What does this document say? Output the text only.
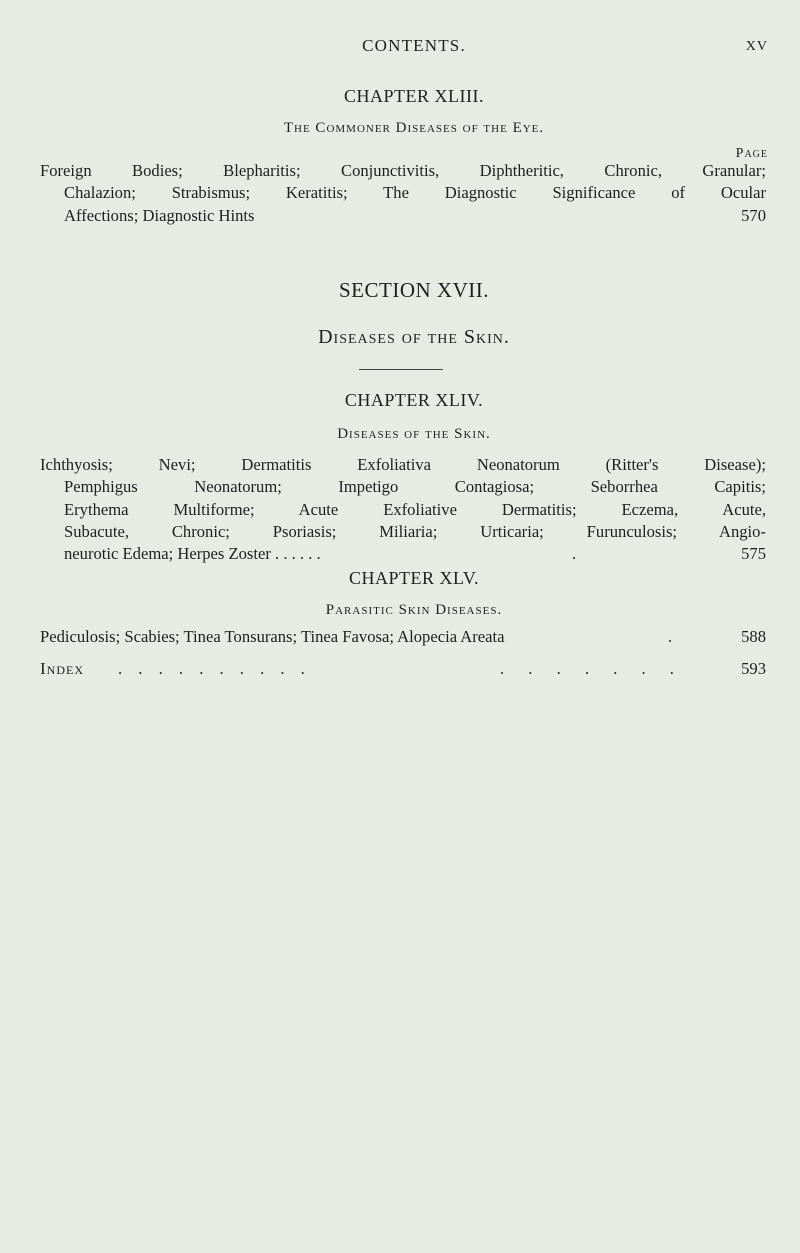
CONTENTS.	XV
CHAPTER XLIII.
The Commoner Diseases of the Eye.
Page
Foreign Bodies; Blepharitis; Conjunctivitis, Diphtheritic, Chronic, Granular;
Chalazion; Strabismus; Keratitis; The Diagnostic Significance of Ocular
Affections; Diagnostic Hints	570
SECTION XVII.
Diseases of the Skin.
CHAPTER XLIV.
Diseases of the Skin.
Ichthyosis; Nevi; Dermatitis Exfoliativa Neonatorum (Ritter's Disease);
Pemphigus Neonatorum; Impetigo Contagiosa; Seborrhea Capitis;
Erythema Multiforme; Acute Exfoliative Dermatitis; Eczema, Acute,
Subacute, Chronic; Psoriasis; Miliaria; Urticaria; Furunculosis; Angio-
neurotic Edema; Herpes Zoster . . . . . .	.	575
CHAPTER XLV.
Parasitic Skin Diseases.
Pediculosis; Scabies; Tinea Tonsurans; Tinea Favosa; Alopecia Areata	.	588
Index . . . . . . . . . .	. . . . . . .	593
